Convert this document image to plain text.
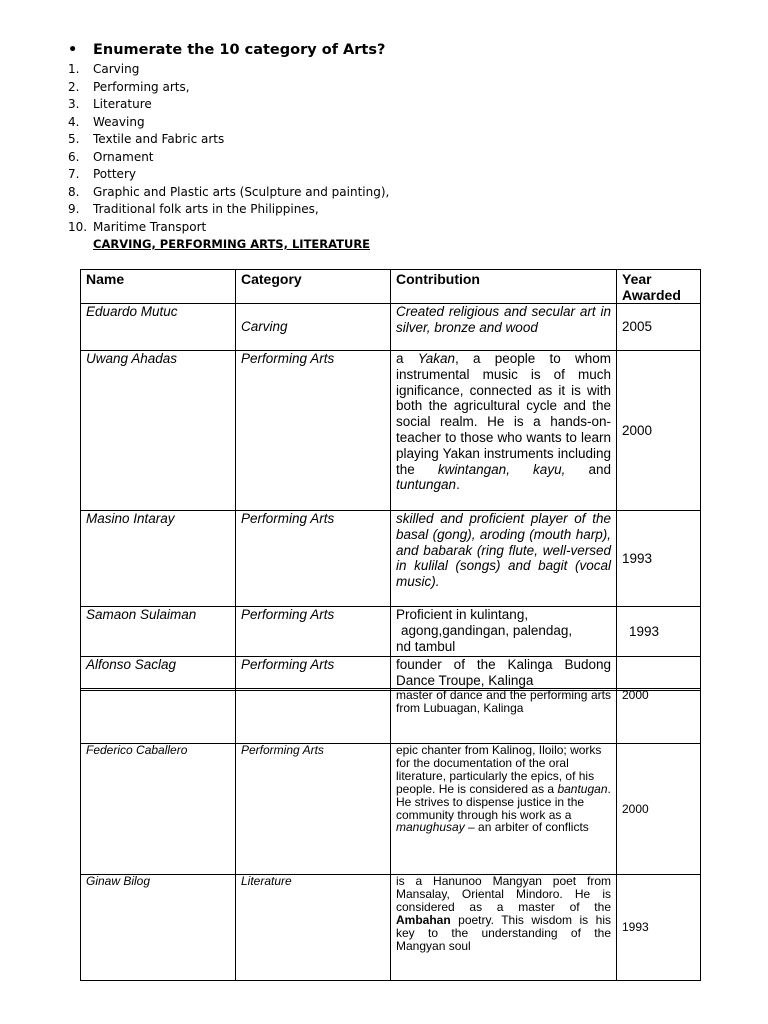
• Enumerate the 10 category of Arts?
1. Carving
2. Performing arts,
3. Literature
4. Weaving
5. Textile and Fabric arts
6. Ornament
7. Pottery
8. Graphic and Plastic arts (Sculpture and painting),
9. Traditional folk arts in the Philippines,
10. Maritime Transport
CARVING, PERFORMING ARTS, LITERATURE
Name	Category	Contribution	Year Awarded
Eduardo Mutuc	Carving	Created religious and secular art in silver, bronze and wood	2005
Uwang Ahadas	Performing Arts	a Yakan, a people to whom instrumental music is of much ignificance, connected as it is with both the agricultural cycle and the social realm. He is a hands-on-teacher to those who wants to learn playing Yakan instruments including the kwintangan, kayu, and tuntungan.	2000
Masino Intaray	Performing Arts	skilled and proficient player of the basal (gong), aroding (mouth harp), and babarak (ring flute, well-versed in kulilal (songs) and bagit (vocal music).	1993
Samaon Sulaiman	Performing Arts	Proficient in kulintang,
agong,gandingan, palendag,
nd tambul	1993
Alfonso Saclag	Performing Arts	founder of the Kalinga Budong Dance Troupe, Kalinga	

		master of dance and the performing arts from Lubuagan, Kalinga	2000
Federico Caballero	Performing Arts	epic chanter from Kalinog, Iloilo; works for the documentation of the oral literature, particularly the epics, of his people. He is considered as a bantugan. He strives to dispense justice in the community through his work as a manughusay – an arbiter of conflicts	2000
Ginaw Bilog	Literature	is a Hanunoo Mangyan poet from Mansalay, Oriental Mindoro. He is considered as a master of the Ambahan poetry. This wisdom is his key to the understanding of the Mangyan soul	1993
